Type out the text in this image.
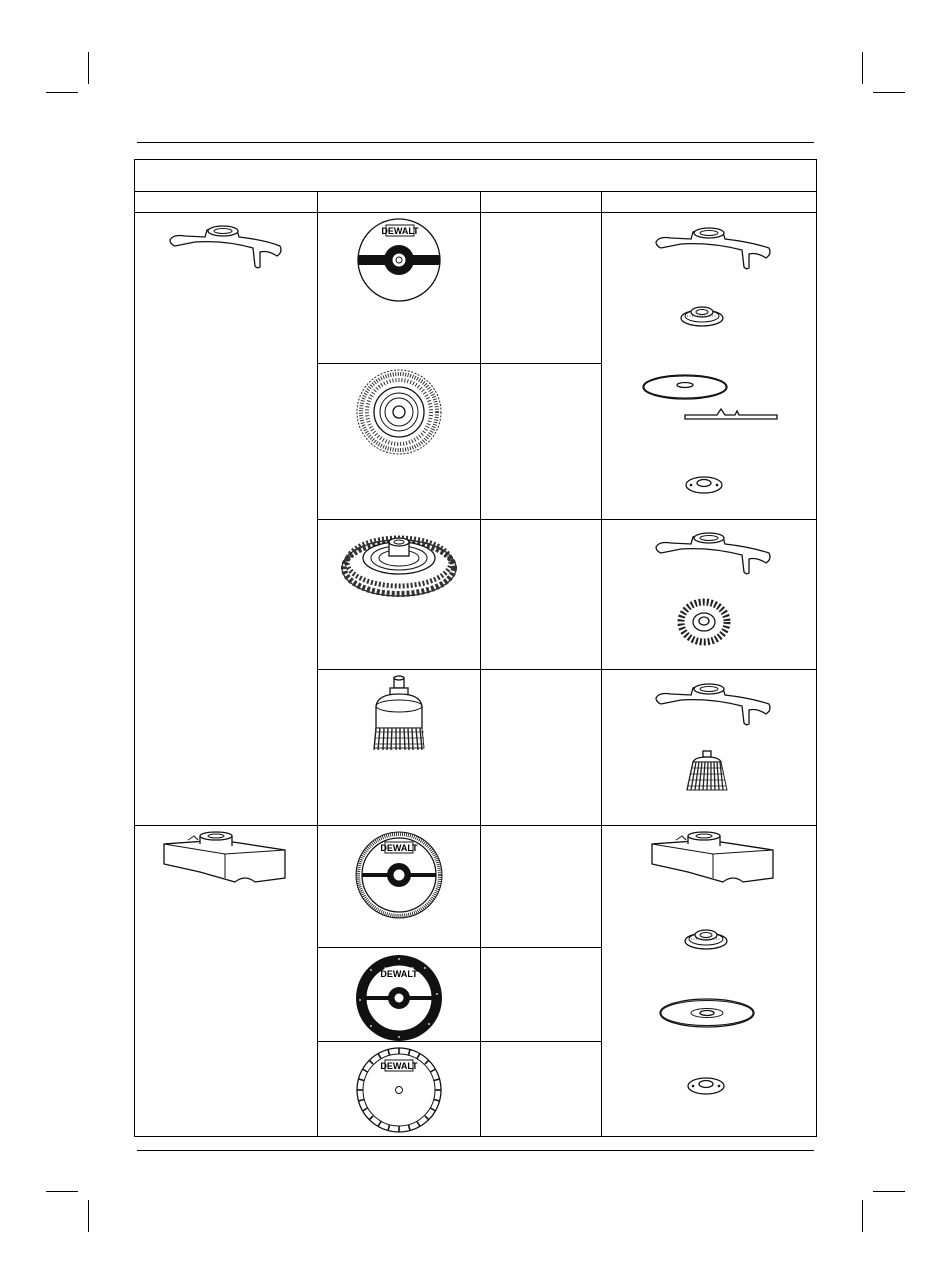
DEWALT
DEWALT
DEWALT
DEWALT
